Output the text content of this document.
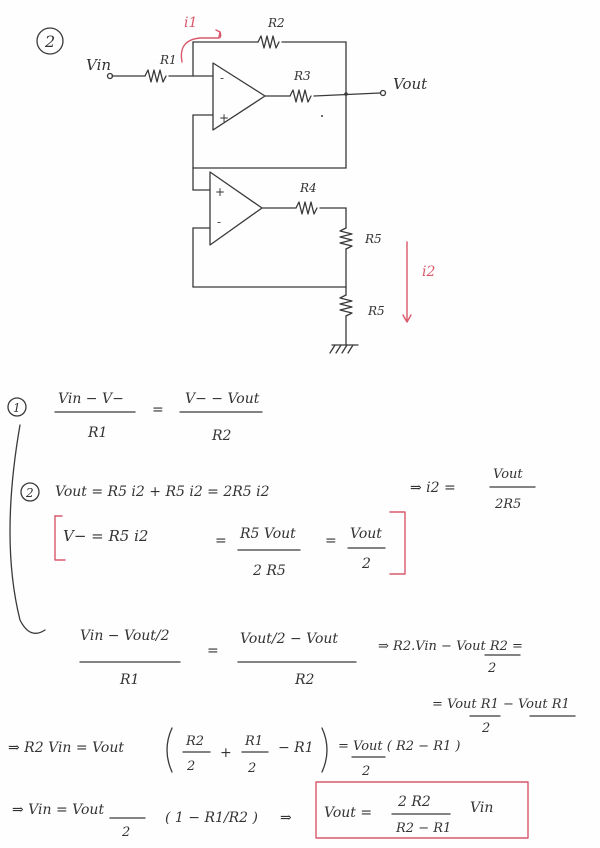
2
Vin	R1
R2
i1
-
+
R3	Vout
+
-
R4
R5
R5
i2
1
Vin − V−
R1
=
V− − Vout
R2
2 Vout = R5 i2 + R5 i2 = 2R5 i2	⇒ i2 =
Vout
2R5
V− = R5 i2	= R5 Vout
2 R5
= Vout
2
Vin − Vout/2
R1
=
Vout/2 − Vout
R2
⇒ R2.Vin − Vout R2 =
2
= Vout R1 − Vout R1
2
⇒ R2 Vin = Vout	R2
2
+
R1
2
− R1 = Vout ( R2 − R1 )
2
⇒ Vin = Vout
2
( 1 − R1/R2 ) ⇒ Vout =
2 R2
R2 − R1
Vin
